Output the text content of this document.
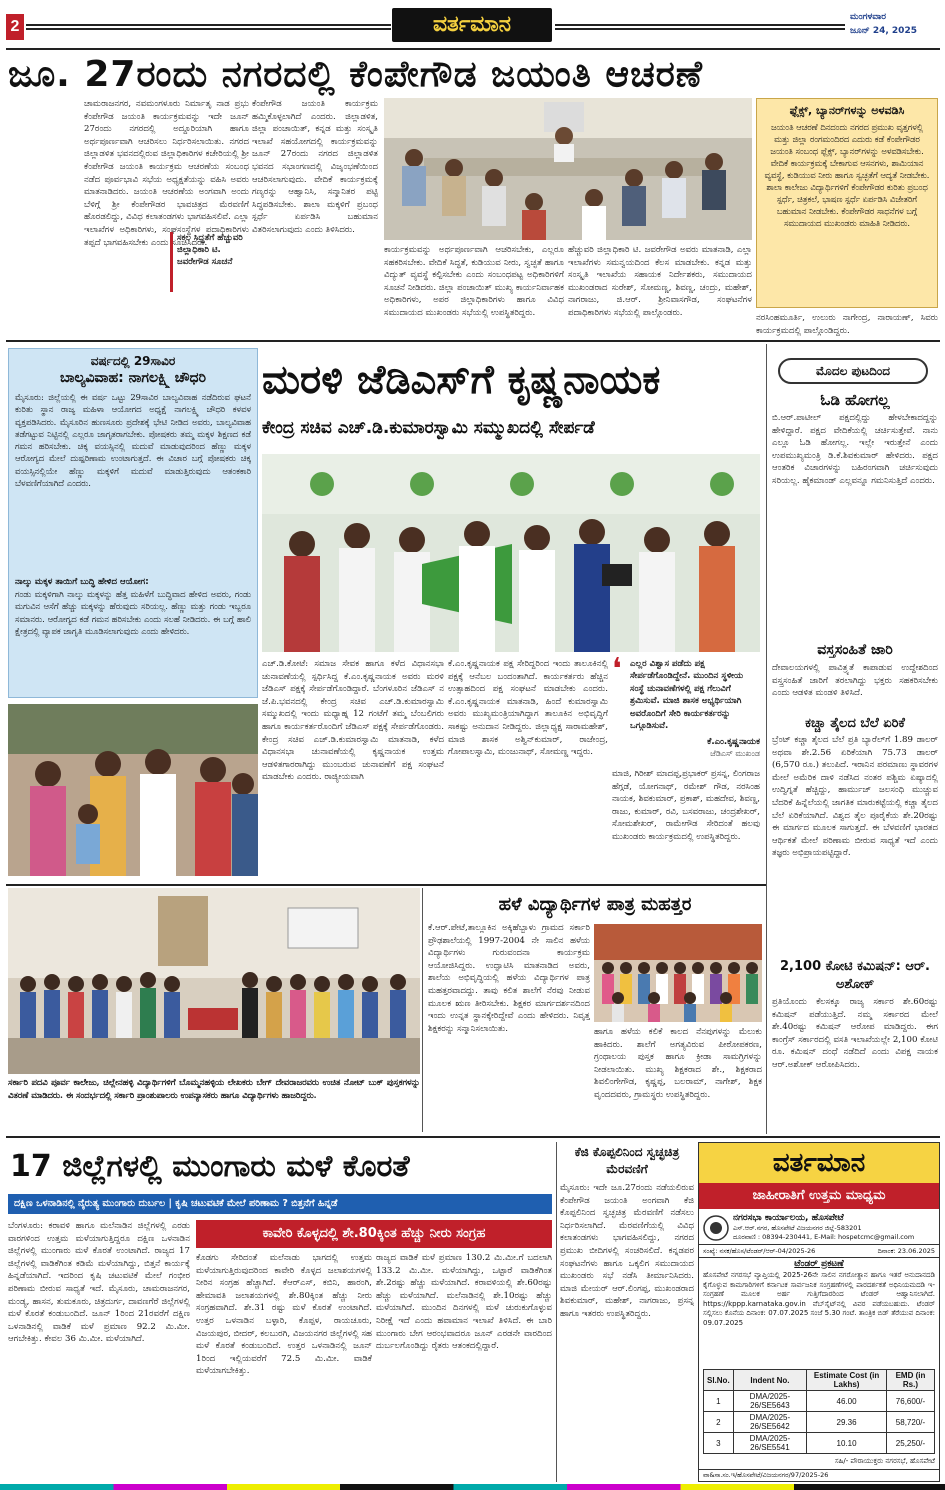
2	ವರ್ತಮಾನ	ಮಂಗಳವಾರ
ಜೂನ್ 24, 2025
ಜೂ. 27ರಂದು ನಗರದಲ್ಲಿ ಕೆಂಪೇಗೌಡ ಜಯಂತಿ ಆಚರಣೆ
ಚಾಮರಾಜನಗರ, ನವಮಂಗಳೂರು ನಿರ್ಮಾತೃ ನಾಡ ಪ್ರಭು ಕೆಂಪೇಗೌಡ ಜಯಂತಿ ಕಾರ್ಯಕ್ರಮವನ್ನು ಇದೇ ಜೂನ್ 27ರಂದು ನಗರದಲ್ಲಿ ಅದ್ದೂರಿಯಾಗಿ ಹಾಗೂ ಅರ್ಥಪೂರ್ಣವಾಗಿ ಆಚರಿಸಲು ನಿರ್ಧರಿಸಲಾಯಿತು. ನಗರದ ಜಿಲ್ಲಾಡಳಿತ ಭವನದಲ್ಲಿರುವ ಜಿಲ್ಲಾಧಿಕಾರಿಗಳ ಕಚೇರಿಯಲ್ಲಿ ಶ್ರೀ ಕೆಂಪೇಗೌಡ ಜಯಂತಿ ಕಾರ್ಯಕ್ರಮ ಆಚರಣೆಯ ಸಂಬಂಧ ನಡೆದ ಪೂರ್ವಭಾವಿ ಸಭೆಯ ಅಧ್ಯಕ್ಷತೆಯನ್ನು ವಹಿಸಿ ಅವರು ಮಾತನಾಡಿದರು. ಜಯಂತಿ ಆಚರಣೆಯ ಅಂಗವಾಗಿ ಅಂದು ಬೆಳಿಗ್ಗೆ ಶ್ರೀ ಕೆಂಪೇಗೌಡರ ಭಾವಚಿತ್ರದ ಮೆರವಣಿಗೆ ಹೊರಡಲಿದ್ದು, ವಿವಿಧ ಕಲಾತಂಡಗಳು ಭಾಗವಹಿಸಲಿವೆ. ಎಲ್ಲಾ ಇಲಾಖೆಗಳ ಅಧಿಕಾರಿಗಳು, ಸಂಘಸಂಸ್ಥೆಗಳ ಪದಾಧಿಕಾರಿಗಳು ತಪ್ಪದೆ ಭಾಗವಹಿಸಬೇಕು ಎಂದು ಸೂಚಿಸಿದರು.
ಕೆಂಪೇಗೌಡ ಜಯಂತಿ ಕಾರ್ಯಕ್ರಮ ಹಮ್ಮಿಕೊಳ್ಳಲಾಗಿದೆ ಎಂದರು. ಜಿಲ್ಲಾಡಳಿತ, ಜಿಲ್ಲಾ ಪಂಚಾಯಿತ್, ಕನ್ನಡ ಮತ್ತು ಸಂಸ್ಕೃತಿ ಇಲಾಖೆ ಸಹಯೋಗದಲ್ಲಿ ಕಾರ್ಯಕ್ರಮವನ್ನು ಜೂನ್ 27ರಂದು ನಗರದ ಜಿಲ್ಲಾಡಳಿತ ಭವನದ ಸಭಾಂಗಣದಲ್ಲಿ ವಿಜೃಂಭಣೆಯಿಂದ ಆಚರಿಸಲಾಗುವುದು. ವೇದಿಕೆ ಕಾರ್ಯಕ್ರಮಕ್ಕೆ ಗಣ್ಯರನ್ನು ಆಹ್ವಾನಿಸಿ, ಸನ್ಮಾನಿತರ ಪಟ್ಟಿ ಸಿದ್ಧಪಡಿಸಬೇಕು. ಶಾಲಾ ಮಕ್ಕಳಿಗೆ ಪ್ರಬಂಧ ಸ್ಪರ್ಧೆ ಏರ್ಪಡಿಸಿ ಬಹುಮಾನ ವಿತರಿಸಲಾಗುವುದು ಎಂದು ತಿಳಿಸಿದರು.
ಕಾರ್ಯಕ್ರಮವನ್ನು ಅರ್ಥಪೂರ್ಣವಾಗಿ ಆಚರಿಸಬೇಕು, ಎಲ್ಲರೂ ಸಹಕರಿಸಬೇಕು. ವೇದಿಕೆ ಸಿದ್ಧತೆ, ಕುಡಿಯುವ ನೀರು, ಸ್ವಚ್ಛತೆ ಹಾಗೂ ವಿದ್ಯುತ್ ವ್ಯವಸ್ಥೆ ಕಲ್ಪಿಸಬೇಕು ಎಂದು ಸಂಬಂಧಪಟ್ಟ ಅಧಿಕಾರಿಗಳಿಗೆ ಸೂಚನೆ ನೀಡಿದರು. ಜಿಲ್ಲಾ ಪಂಚಾಯಿತ್ ಮುಖ್ಯ ಕಾರ್ಯನಿರ್ವಾಹಕ ಅಧಿಕಾರಿಗಳು, ಅಪರ ಜಿಲ್ಲಾಧಿಕಾರಿಗಳು ಹಾಗೂ ವಿವಿಧ ಸಮುದಾಯದ ಮುಖಂಡರು ಸಭೆಯಲ್ಲಿ ಉಪಸ್ಥಿತರಿದ್ದರು.
ಹೆಚ್ಚುವರಿ ಜಿಲ್ಲಾಧಿಕಾರಿ ಟಿ. ಜವರೇಗೌಡ ಅವರು ಮಾತನಾಡಿ, ಎಲ್ಲಾ ಇಲಾಖೆಗಳು ಸಮನ್ವಯದಿಂದ ಕೆಲಸ ಮಾಡಬೇಕು. ಕನ್ನಡ ಮತ್ತು ಸಂಸ್ಕೃತಿ ಇಲಾಖೆಯ ಸಹಾಯಕ ನಿರ್ದೇಶಕರು, ಸಮುದಾಯದ ಮುಖಂಡರಾದ ಸುರೇಶ್, ಸೋಮಣ್ಣ, ಶಿವಣ್ಣ, ಚಂದ್ರು, ಮಹೇಶ್, ನಾಗರಾಜು, ಜಿ.ಆರ್. ಶ್ರೀನಿವಾಸಗೌಡ, ಸಂಘಟನೆಗಳ ಪದಾಧಿಕಾರಿಗಳು ಸಭೆಯಲ್ಲಿ ಪಾಲ್ಗೊಂಡರು.
ಸಕಲ ಸಿದ್ಧತೆಗೆ ಹೆಚ್ಚುವರಿ ಜಿಲ್ಲಾಧಿಕಾರಿ ಟಿ. ಜವರೇಗೌಡ ಸೂಚನೆ
ಫ್ಲೆಕ್ಸ್, ಬ್ಯಾನರ್‌ಗಳನ್ನು ಅಳವಡಿಸಿ
ಜಯಂತಿ ಆಚರಣೆ ದಿನದಂದು ನಗರದ ಪ್ರಮುಖ ವೃತ್ತಗಳಲ್ಲಿ ಮತ್ತು ಜಿಲ್ಲಾ ರಂಗಮಂದಿರದ ಎದುರು ಕಡೆ ಕೆಂಪೇಗೌಡರ ಜಯಂತಿ ಸಂಬಂಧ ಫ್ಲೆಕ್ಸ್, ಬ್ಯಾನರ್‌ಗಳನ್ನು ಅಳವಡಿಸಬೇಕು. ವೇದಿಕೆ ಕಾರ್ಯಕ್ರಮಕ್ಕೆ ಬೇಕಾಗುವ ಆಸನಗಳು, ಶಾಮಿಯಾನ ವ್ಯವಸ್ಥೆ, ಕುಡಿಯುವ ನೀರು ಹಾಗೂ ಸ್ವಚ್ಛತೆಗೆ ಆದ್ಯತೆ ನೀಡಬೇಕು. ಶಾಲಾ ಕಾಲೇಜು ವಿದ್ಯಾರ್ಥಿಗಳಿಗೆ ಕೆಂಪೇಗೌಡರ ಕುರಿತು ಪ್ರಬಂಧ ಸ್ಪರ್ಧೆ, ಚಿತ್ರಕಲೆ, ಭಾಷಣ ಸ್ಪರ್ಧೆ ಏರ್ಪಡಿಸಿ ವಿಜೇತರಿಗೆ ಬಹುಮಾನ ನೀಡಬೇಕು. ಕೆಂಪೇಗೌಡರ ಸಾಧನೆಗಳ ಬಗ್ಗೆ ಸಮುದಾಯದ ಮುಖಂಡರು ಮಾಹಿತಿ ನೀಡಿದರು.
ನರಸಿಂಹಮೂರ್ತಿ, ಉಲುರು ನಾಗೇಂದ್ರ, ನಾರಾಯಣ್, ಸಿವರು ಕಾರ್ಯಕ್ರಮದಲ್ಲಿ ಪಾಲ್ಗೊಂಡಿದ್ದರು.
ವರ್ಷದಲ್ಲಿ 29ಸಾವಿರ
ಬಾಲ್ಯವಿವಾಹ: ನಾಗಲಕ್ಷ್ಮಿ ಚೌಧರಿ
ಮೈಸೂರು: ಜಿಲ್ಲೆಯಲ್ಲಿ ಈ ವರ್ಷ ಒಟ್ಟು 29ಸಾವಿರ ಬಾಲ್ಯವಿವಾಹ ನಡೆದಿರುವ ಘಟನೆ ಕುರಿತು ಸ್ಥಾನ ರಾಜ್ಯ ಮಹಿಳಾ ಆಯೋಗದ ಅಧ್ಯಕ್ಷೆ ನಾಗಲಕ್ಷ್ಮಿ ಚೌಧರಿ ಕಳವಳ ವ್ಯಕ್ತಪಡಿಸಿದರು. ಮೈಸೂರಿನ ಹುಣಸೂರು ಪ್ರದೇಶಕ್ಕೆ ಭೇಟಿ ನೀಡಿದ ಅವರು, ಬಾಲ್ಯವಿವಾಹ ತಡೆಗಟ್ಟುವ ನಿಟ್ಟಿನಲ್ಲಿ ಎಲ್ಲರೂ ಜಾಗೃತರಾಗಬೇಕು. ಪೋಷಕರು ತಮ್ಮ ಮಕ್ಕಳ ಶಿಕ್ಷಣದ ಕಡೆ ಗಮನ ಹರಿಸಬೇಕು. ಚಿಕ್ಕ ವಯಸ್ಸಿನಲ್ಲಿ ಮದುವೆ ಮಾಡುವುದರಿಂದ ಹೆಣ್ಣು ಮಕ್ಕಳ ಆರೋಗ್ಯದ ಮೇಲೆ ದುಷ್ಪರಿಣಾಮ ಉಂಟಾಗುತ್ತದೆ. ಈ ವಿಚಾರ ಬಗ್ಗೆ ಪೋಷಕರು ಚಿಕ್ಕ ವಯಸ್ಸಿನಲ್ಲಿಯೇ ಹೆಣ್ಣು ಮಕ್ಕಳಿಗೆ ಮದುವೆ ಮಾಡುತ್ತಿರುವುದು ಆತಂಕಕಾರಿ ಬೆಳವಣಿಗೆಯಾಗಿದೆ ಎಂದರು.
ನಾಲ್ಕು ಮಕ್ಕಳ ತಾಯಿಗೆ ಬುದ್ಧಿ ಹೇಳಿದ ಆಯೋಗ:
ಗಂಡು ಮಕ್ಕಳಿಗಾಗಿ ನಾಲ್ಕು ಮಕ್ಕಳನ್ನು ಹೆತ್ತ ಮಹಿಳೆಗೆ ಬುದ್ಧಿವಾದ ಹೇಳಿದ ಅವರು, ಗಂಡು ಮಗುವಿನ ಆಸೆಗೆ ಹೆಚ್ಚು ಮಕ್ಕಳನ್ನು ಹೆರುವುದು ಸರಿಯಲ್ಲ. ಹೆಣ್ಣು ಮತ್ತು ಗಂಡು ಇಬ್ಬರೂ ಸಮಾನರು. ಆರೋಗ್ಯದ ಕಡೆ ಗಮನ ಹರಿಸಬೇಕು ಎಂದು ಸಲಹೆ ನೀಡಿದರು. ಈ ಬಗ್ಗೆ ಹಾಲಿ ಕ್ಷೇತ್ರದಲ್ಲಿ ವ್ಯಾಪಕ ಜಾಗೃತಿ ಮೂಡಿಸಲಾಗುವುದು ಎಂದು ಹೇಳಿದರು.
ಮರಳಿ ಜೆಡಿಎಸ್‌ಗೆ ಕೃಷ್ಣನಾಯಕ
ಕೇಂದ್ರ ಸಚಿವ ಎಚ್.ಡಿ.ಕುಮಾರಸ್ವಾಮಿ ಸಮ್ಮುಖದಲ್ಲಿ ಸೇರ್ಪಡೆ
ಎಚ್.ಡಿ.ಕೋಟೆ: ಸಮಾಜ ಸೇವಕ ಹಾಗೂ ಕಳೆದ ವಿಧಾನಸಭಾ ಚುನಾವಣೆಯಲ್ಲಿ ಸ್ಪರ್ಧಿಸಿದ್ದ ಕೆ.ಎಂ.ಕೃಷ್ಣನಾಯಕ ಅವರು ಮರಳಿ ಜೆಡಿಎಸ್ ಪಕ್ಷಕ್ಕೆ ಸೇರ್ಪಡೆಗೊಂಡಿದ್ದಾರೆ. ಬೆಂಗಳೂರಿನ ಜೆಡಿಎಸ್ ನ ಜೆ.ಪಿ.ಭವನದಲ್ಲಿ ಕೇಂದ್ರ ಸಚಿವ ಎಚ್.ಡಿ.ಕುಮಾರಸ್ವಾಮಿ ಸಮ್ಮುಖದಲ್ಲಿ ಇಂದು ಮಧ್ಯಾಹ್ನ 12 ಗಂಟೆಗೆ ತಮ್ಮ ಬೆಂಬಲಿಗರು ಹಾಗೂ ಕಾರ್ಯಕರ್ತರೊಂದಿಗೆ ಜೆಡಿಎಸ್ ಪಕ್ಷಕ್ಕೆ ಸೇರ್ಪಡೆಗೊಂಡರು. ಕೇಂದ್ರ ಸಚಿವ ಎಚ್.ಡಿ.ಕುಮಾರಸ್ವಾಮಿ ಮಾತನಾಡಿ, ಕಳೆದ ವಿಧಾನಸಭಾ ಚುನಾವಣೆಯಲ್ಲಿ ಕೃಷ್ಣನಾಯಕ ಉತ್ತಮ ಆಡಳಿತಗಾರರಾಗಿದ್ದು ಮುಂಬರುವ ಚುನಾವಣೆಗೆ ಪಕ್ಷ ಸಂಘಟನೆ ಮಾಡಬೇಕು ಎಂದರು. ರಾಜ್ಯೀಯವಾಗಿ
ಕೆ.ಎಂ.ಕೃಷ್ಣನಾಯಕ ಪಕ್ಷ ಸೇರಿದ್ದರಿಂದ ಇಂದು ತಾಲೂಕಿನಲ್ಲಿ ಪಕ್ಷಕ್ಕೆ ಆನೆಬಲ ಬಂದಂತಾಗಿದೆ. ಕಾರ್ಯಕರ್ತರು ಹೆಚ್ಚಿನ ಉತ್ಸಾಹದಿಂದ ಪಕ್ಷ ಸಂಘಟನೆ ಮಾಡಬೇಕು ಎಂದರು. ಕೆ.ಎಂ.ಕೃಷ್ಣನಾಯಕ ಮಾತನಾಡಿ, ಹಿಂದೆ ಕುಮಾರಸ್ವಾಮಿ ಅವರು ಮುಖ್ಯಮಂತ್ರಿಯಾಗಿದ್ದಾಗ ತಾಲೂಕಿನ ಅಭಿವೃದ್ಧಿಗೆ ಸಾಕಷ್ಟು ಅನುದಾನ ನೀಡಿದ್ದರು. ಜಿಲ್ಲಾಧ್ಯಕ್ಷ ಸಾರಾಮಹೇಶ್, ಮಾಜಿ ಶಾಸಕ ಅಶ್ವಿನ್‌ಕುಮಾರ್, ರಾಜೇಂದ್ರ, ಗೋಪಾಲಸ್ವಾಮಿ, ಮಂಜುನಾಥ್, ಸೋಮಣ್ಣ ಇದ್ದರು.
❛ ಎಲ್ಲರ ವಿಶ್ವಾಸ ಪಡೆದು ಪಕ್ಷ ಸೇರ್ಪಡೆಗೊಂಡಿದ್ದೇನೆ. ಮುಂದಿನ ಸ್ಥಳೀಯ ಸಂಸ್ಥೆ ಚುನಾವಣೆಗಳಲ್ಲಿ ಪಕ್ಷ ಗೆಲುವಿಗೆ ಶ್ರಮಿಸುವೆ. ಮಾಜಿ ಶಾಸಕ ಅಭ್ಯರ್ಥಿಯಾಗಿ ಅವರೊಂದಿಗೆ ಸೇರಿ ಕಾರ್ಯಕರ್ತರನ್ನು ಒಗ್ಗೂಡಿಸುವೆ.
ಕೆ.ಎಂ.ಕೃಷ್ಣನಾಯಕ
ಜೆಡಿಎಸ್ ಮುಖಂಡ
ಮಾಜಿ, ಗಿರೀಶ್ ಮಾದಪ್ಪ,ಪ್ರಭಾಕರ್ ಪ್ರಸನ್ನ, ಲಿಂಗರಾಜ ಹೆಗ್ಗಡೆ, ಯೋಗನಾಥ್, ರಮೇಶ್ ಗೌಡ, ನರಸಿಂಹ ನಾಯಕ, ಶಿವಕುಮಾರ್, ಪ್ರಕಾಶ್, ಮಹದೇವ, ಶಿವಣ್ಣ, ರಾಜು, ಕುಮಾರ್, ರವಿ, ಬಸವರಾಜು, ಚಂದ್ರಶೇಖರ್, ಸೋಮಶೇಖರ್, ರಾಮೇಗೌಡ ಸೇರಿದಂತೆ ಹಲವು ಮುಖಂಡರು ಕಾರ್ಯಕ್ರಮದಲ್ಲಿ ಉಪಸ್ಥಿತರಿದ್ದರು.
ಮೊದಲ ಪುಟದಿಂದ
ಓಡಿ ಹೋಗಲ್ಲ
ಬಿ.ಆರ್.ಪಾಟೀಲ್ ಪಕ್ಷದಲ್ಲಿದ್ದು ಹೇಳಬೇಕಾದದ್ದನ್ನು ಹೇಳಿದ್ದಾರೆ. ಪಕ್ಷದ ವೇದಿಕೆಯಲ್ಲಿ ಚರ್ಚಿಸುತ್ತೇವೆ. ನಾನು ಎಲ್ಲೂ ಓಡಿ ಹೋಗಲ್ಲ. ಇಲ್ಲೇ ಇರುತ್ತೇನೆ ಎಂದು ಉಪಮುಖ್ಯಮಂತ್ರಿ ಡಿ.ಕೆ.ಶಿವಕುಮಾರ್ ಹೇಳಿದರು. ಪಕ್ಷದ ಆಂತರಿಕ ವಿಚಾರಗಳನ್ನು ಬಹಿರಂಗವಾಗಿ ಚರ್ಚಿಸುವುದು ಸರಿಯಲ್ಲ. ಹೈಕಮಾಂಡ್ ಎಲ್ಲವನ್ನೂ ಗಮನಿಸುತ್ತಿದೆ ಎಂದರು.
ವಸ್ತಸಂಹಿತೆ ಜಾರಿ
ದೇವಾಲಯಗಳಲ್ಲಿ ಪಾವಿತ್ರ್ಯತೆ ಕಾಪಾಡುವ ಉದ್ದೇಶದಿಂದ ವಸ್ತ್ರಸಂಹಿತೆ ಜಾರಿಗೆ ತರಲಾಗಿದ್ದು ಭಕ್ತರು ಸಹಕರಿಸಬೇಕು ಎಂದು ಆಡಳಿತ ಮಂಡಳಿ ತಿಳಿಸಿದೆ.
ಕಚ್ಚಾ ತೈಲದ ಬೆಲೆ ಏರಿಕೆ
ಬ್ರೆಂಟ್ ಕಚ್ಚಾ ತೈಲದ ಬೆಲೆ ಪ್ರತಿ ಬ್ಯಾರೆಲ್‌ಗೆ 1.89 ಡಾಲರ್ ಅಥವಾ ಶೇ.2.56 ಏರಿಕೆಯಾಗಿ 75.73 ಡಾಲರ್ (6,570 ರೂ.) ತಲುಪಿದೆ. ಇರಾನಿನ ಪರಮಾಣು ಸ್ಥಾವರಗಳ ಮೇಲೆ ಅಮೆರಿಕ ದಾಳಿ ನಡೆಸಿದ ನಂತರ ಪಶ್ಚಿಮ ಏಷ್ಯಾದಲ್ಲಿ ಉದ್ವಿಗ್ನತೆ ಹೆಚ್ಚಿದ್ದು, ಹಾರ್ಮುಜ್ ಜಲಸಂಧಿ ಮುಚ್ಚುವ ಬೆದರಿಕೆ ಹಿನ್ನೆಲೆಯಲ್ಲಿ ಜಾಗತಿಕ ಮಾರುಕಟ್ಟೆಯಲ್ಲಿ ಕಚ್ಚಾ ತೈಲದ ಬೆಲೆ ಏರಿಕೆಯಾಗಿದೆ. ವಿಶ್ವದ ತೈಲ ಪೂರೈಕೆಯ ಶೇ.20ರಷ್ಟು ಈ ಮಾರ್ಗದ ಮೂಲಕ ಸಾಗುತ್ತದೆ. ಈ ಬೆಳವಣಿಗೆ ಭಾರತದ ಆರ್ಥಿಕತೆ ಮೇಲೆ ಪರಿಣಾಮ ಬೀರುವ ಸಾಧ್ಯತೆ ಇದೆ ಎಂದು ತಜ್ಞರು ಅಭಿಪ್ರಾಯಪಟ್ಟಿದ್ದಾರೆ.
2,100 ಕೋಟಿ ಕಮಿಷನ್: ಆರ್. ಅಶೋಕ್
ಪ್ರತಿಯೊಂದು ಕೆಲಸಕ್ಕೂ ರಾಜ್ಯ ಸರ್ಕಾರ ಶೇ.60ರಷ್ಟು ಕಮಿಷನ್ ಪಡೆಯುತ್ತಿದೆ. ನಮ್ಮ ಸರ್ಕಾರದ ಮೇಲೆ ಶೇ.40ರಷ್ಟು ಕಮಿಷನ್ ಆರೋಪ ಮಾಡಿದ್ದರು. ಈಗ ಕಾಂಗ್ರೆಸ್ ಸರ್ಕಾರದಲ್ಲಿ ವಸತಿ ಇಲಾಖೆಯಲ್ಲೇ 2,100 ಕೋಟಿ ರೂ. ಕಮಿಷನ್ ದಂಧೆ ನಡೆದಿದೆ ಎಂದು ವಿಪಕ್ಷ ನಾಯಕ ಆರ್.ಅಶೋಕ್ ಆರೋಪಿಸಿದರು.
ಸರ್ಕಾರಿ ಪದವಿ ಪೂರ್ವ ಕಾಲೇಜು, ಚಿಲ್ಲೇನಹಳ್ಳಿ ವಿದ್ಯಾರ್ಥಿಗಳಿಗೆ ಬೊಮ್ಮನಹಳ್ಳಿಯ ಲೇಖಕರು ಬೇಗ್ ದೇವರಾಜರವರು ಉಚಿತ ನೋಟ್ ಬುಕ್ ಪುಸ್ತಕಗಳನ್ನು ವಿತರಣೆ ಮಾಡಿದರು. ಈ ಸಂದರ್ಭದಲ್ಲಿ ಸರ್ಕಾರಿ ಪ್ರಾಂಶುಪಾಲರು ಉಪನ್ಯಾಸಕರು ಹಾಗೂ ವಿದ್ಯಾರ್ಥಿಗಳು ಹಾಜರಿದ್ದರು.
ಹಳೆ ವಿದ್ಯಾರ್ಥಿಗಳ ಪಾತ್ರ ಮಹತ್ತರ
ಕೆ.ಆರ್.ಪೇಟೆ,ತಾಲ್ಲೂಕಿನ ಅಕ್ಕಿಹೆಬ್ಬಾಳು ಗ್ರಾಮದ ಸರ್ಕಾರಿ ಪ್ರೌಢಶಾಲೆಯಲ್ಲಿ 1997-2004 ನೇ ಸಾಲಿನ ಹಳೆಯ ವಿದ್ಯಾರ್ಥಿಗಳು ಗುರುವಂದನಾ ಕಾರ್ಯಕ್ರಮ ಆಯೋಜಿಸಿದ್ದರು. ಉದ್ಘಾಟಿಸಿ ಮಾತನಾಡಿದ ಅವರು, ಶಾಲೆಯ ಅಭಿವೃದ್ಧಿಯಲ್ಲಿ ಹಳೆಯ ವಿದ್ಯಾರ್ಥಿಗಳ ಪಾತ್ರ ಮಹತ್ತರವಾದದ್ದು. ತಾವು ಕಲಿತ ಶಾಲೆಗೆ ನೆರವು ನೀಡುವ ಮೂಲಕ ಋಣ ತೀರಿಸಬೇಕು. ಶಿಕ್ಷಕರ ಮಾರ್ಗದರ್ಶನದಿಂದ ಇಂದು ಉನ್ನತ ಸ್ಥಾನಕ್ಕೇರಿದ್ದೇವೆ ಎಂದು ಹೇಳಿದರು. ನಿವೃತ್ತ ಶಿಕ್ಷಕರನ್ನು ಸನ್ಮಾನಿಸಲಾಯಿತು.	ಹಾಗೂ ಹಳೆಯ ಕಲಿಕೆ ಕಾಲದ ನೆನಪುಗಳನ್ನು ಮೆಲುಕು ಹಾಕಿದರು. ಶಾಲೆಗೆ ಅಗತ್ಯವಿರುವ ಪೀಠೋಪಕರಣ, ಗ್ರಂಥಾಲಯ ಪುಸ್ತಕ ಹಾಗೂ ಕ್ರೀಡಾ ಸಾಮಗ್ರಿಗಳನ್ನು ನೀಡಲಾಯಿತು. ಮುಖ್ಯ ಶಿಕ್ಷಕರಾದ ಶೇ., ಶಿಕ್ಷಕರಾದ ಶಿವಲಿಂಗೇಗೌಡ, ಕೃಷ್ಣಪ್ಪ, ಬಲರಾಮ್, ನಾಗೇಶ್, ಶಿಕ್ಷಕ ವೃಂದದವರು, ಗ್ರಾಮಸ್ಥರು ಉಪಸ್ಥಿತರಿದ್ದರು.
17 ಜಿಲ್ಲೆಗಳಲ್ಲಿ ಮುಂಗಾರು ಮಳೆ ಕೊರತೆ
ದಕ್ಷಿಣ ಒಳನಾಡಿನಲ್ಲಿ ನೈರುತ್ಯ ಮುಂಗಾರು ದುರ್ಬಲ | ಕೃಷಿ ಚಟುವಟಿಕೆ ಮೇಲೆ ಪರಿಣಾಮ ? ಬಿತ್ತನೆಗೆ ಹಿನ್ನಡೆ
ಬೆಂಗಳೂರು: ಕರಾವಳಿ ಹಾಗೂ ಮಲೆನಾಡಿನ ಜಿಲ್ಲೆಗಳಲ್ಲಿ ಎರಡು ವಾರಗಳಿಂದ ಉತ್ತಮ ಮಳೆಯಾಗುತ್ತಿದ್ದರೂ ದಕ್ಷಿಣ ಒಳನಾಡಿನ ಜಿಲ್ಲೆಗಳಲ್ಲಿ ಮುಂಗಾರು ಮಳೆ ಕೊರತೆ ಉಂಟಾಗಿದೆ. ರಾಜ್ಯದ 17 ಜಿಲ್ಲೆಗಳಲ್ಲಿ ವಾಡಿಕೆಗಿಂತ ಕಡಿಮೆ ಮಳೆಯಾಗಿದ್ದು, ಬಿತ್ತನೆ ಕಾರ್ಯಕ್ಕೆ ಹಿನ್ನಡೆಯಾಗಿದೆ. ಇದರಿಂದ ಕೃಷಿ ಚಟುವಟಿಕೆ ಮೇಲೆ ಗಂಭೀರ ಪರಿಣಾಮ ಬೀರುವ ಸಾಧ್ಯತೆ ಇದೆ. ಮೈಸೂರು, ಚಾಮರಾಜನಗರ, ಮಂಡ್ಯ, ಹಾಸನ, ತುಮಕೂರು, ಚಿತ್ರದುರ್ಗ, ದಾವಣಗೆರೆ ಜಿಲ್ಲೆಗಳಲ್ಲಿ ಮಳೆ ಕೊರತೆ ಕಂಡುಬಂದಿದೆ. ಜೂನ್ 1ರಿಂದ 21ರವರೆಗೆ ದಕ್ಷಿಣ ಒಳನಾಡಿನಲ್ಲಿ ವಾಡಿಕೆ ಮಳೆ ಪ್ರಮಾಣ 92.2 ಮಿ.ಮೀ. ಆಗಬೇಕಿತ್ತು. ಕೇವಲ 36 ಮಿ.ಮೀ. ಮಳೆಯಾಗಿದೆ.
ಕಾವೇರಿ ಕೊಳ್ಳದಲ್ಲಿ ಶೇ.80ಕ್ಕಿಂತ ಹೆಚ್ಚು ನೀರು ಸಂಗ್ರಹ
ಕೊಡಗು ಸೇರಿದಂತೆ ಮಲೆನಾಡು ಭಾಗದಲ್ಲಿ ಉತ್ತಮ ಮಳೆಯಾಗುತ್ತಿರುವುದರಿಂದ ಕಾವೇರಿ ಕೊಳ್ಳದ ಜಲಾಶಯಗಳಲ್ಲಿ ನೀರಿನ ಸಂಗ್ರಹ ಹೆಚ್ಚಾಗಿದೆ. ಕೆಆರ್‌ಎಸ್, ಕಬಿನಿ, ಹಾರಂಗಿ, ಹೇಮಾವತಿ ಜಲಾಶಯಗಳಲ್ಲಿ ಶೇ.80ಕ್ಕಿಂತ ಹೆಚ್ಚು ನೀರು ಸಂಗ್ರಹವಾಗಿದೆ. ಶೇ.31 ರಷ್ಟು ಮಳೆ ಕೊರತೆ ಉಂಟಾಗಿದೆ. ಉತ್ತರ ಒಳನಾಡಿನ ಬಳ್ಳಾರಿ, ಕೊಪ್ಪಳ, ರಾಯಚೂರು, ವಿಜಯಪುರ, ಬೀದರ್, ಕಲಬುರಗಿ, ವಿಜಯನಗರ ಜಿಲ್ಲೆಗಳಲ್ಲಿ ಸಹ ಮಳೆ ಕೊರತೆ ಕಂಡುಬಂದಿದೆ. ಉತ್ತರ ಒಳನಾಡಿನಲ್ಲಿ ಜೂನ್ 1ರಿಂದ ಇಲ್ಲಿಯವರೆಗೆ 72.5 ಮಿ.ಮೀ. ವಾಡಿಕೆ ಮಳೆಯಾಗಬೇಕಿತ್ತು.
ರಾಜ್ಯದ ವಾಡಿಕೆ ಮಳೆ ಪ್ರಮಾಣ 130.2 ಮಿ.ಮೀ.ಗೆ ಬದಲಾಗಿ 133.2 ಮಿ.ಮೀ. ಮಳೆಯಾಗಿದ್ದು, ಒಟ್ಟಾರೆ ವಾಡಿಕೆಗಿಂತ ಶೇ.2ರಷ್ಟು ಹೆಚ್ಚು ಮಳೆಯಾಗಿದೆ. ಕರಾವಳಿಯಲ್ಲಿ ಶೇ.60ರಷ್ಟು ಹೆಚ್ಚು ಮಳೆಯಾಗಿದೆ. ಮಲೆನಾಡಿನಲ್ಲಿ ಶೇ.10ರಷ್ಟು ಹೆಚ್ಚು ಮಳೆಯಾಗಿದೆ. ಮುಂದಿನ ದಿನಗಳಲ್ಲಿ ಮಳೆ ಚುರುಕುಗೊಳ್ಳುವ ನಿರೀಕ್ಷೆ ಇದೆ ಎಂದು ಹವಾಮಾನ ಇಲಾಖೆ ತಿಳಿಸಿದೆ. ಈ ಬಾರಿ ಮುಂಗಾರು ಬೇಗ ಆರಂಭವಾದರೂ ಜೂನ್ ಎರಡನೇ ವಾರದಿಂದ ದುರ್ಬಲಗೊಂಡಿದ್ದು ರೈತರು ಆತಂಕದಲ್ಲಿದ್ದಾರೆ.
ಕೆಜಿ ಕೊಪ್ಪಲಿನಿಂದ ಸ್ವಚ್ಛಚಿತ್ರ ಮೆರವಣಿಗೆ
ಮೈಸೂರು: ಇದೇ ಜೂ.27ರಂದು ನಡೆಯಲಿರುವ ಕೆಂಪೇಗೌಡ ಜಯಂತಿ ಅಂಗವಾಗಿ ಕೆಜಿ ಕೊಪ್ಪಲಿನಿಂದ ಸ್ವಚ್ಛಚಿತ್ರ ಮೆರವಣಿಗೆ ನಡೆಸಲು ನಿರ್ಧರಿಸಲಾಗಿದೆ. ಮೆರವಣಿಗೆಯಲ್ಲಿ ವಿವಿಧ ಕಲಾತಂಡಗಳು ಭಾಗವಹಿಸಲಿದ್ದು, ನಗರದ ಪ್ರಮುಖ ಬೀದಿಗಳಲ್ಲಿ ಸಂಚರಿಸಲಿದೆ. ಕನ್ನಡಪರ ಸಂಘಟನೆಗಳು ಹಾಗೂ ಒಕ್ಕಲಿಗ ಸಮುದಾಯದ ಮುಖಂಡರು ಸಭೆ ನಡೆಸಿ ತೀರ್ಮಾನಿಸಿದರು. ಮಾಜಿ ಮೇಯರ್ ಆರ್.ಲಿಂಗಪ್ಪ, ಮುಖಂಡರಾದ ಶಿವಕುಮಾರ್, ಮಹೇಶ್, ನಾಗರಾಜು, ಪ್ರಸನ್ನ ಹಾಗೂ ಇತರರು ಉಪಸ್ಥಿತರಿದ್ದರು.
ವರ್ತಮಾನ
ಜಾಹೀರಾತಿಗೆ ಉತ್ತಮ ಮಾಧ್ಯಮ
ನಗರಸಭಾ ಕಾರ್ಯಾಲಯ, ಹೊಸಪೇಟೆ
ಎಸ್.ಆರ್.ನಗರ, ಹೊಸಪೇಟೆ ವಿಜಯನಗರ ಜಿಲ್ಲೆ-583201
ದೂರವಾಣಿ : 08394-230441, E-Mail: hospetcmc@gmail.com
ಸಂಖ್ಯೆ: ನಸಕ/ಹೊಸ/ಟೆಂಡರ್/ಆರ್-04/2025-26	ದಿನಾಂಕ: 23.06.2025
ಟೆಂಡರ್ ಪ್ರಕಟಣೆ
ಹೊಸಪೇಟೆ ನಗರಸಭೆ ವ್ಯಾಪ್ತಿಯಲ್ಲಿ 2025-26ನೇ ಸಾಲಿನ ನಗರೋತ್ಥಾನ ಹಾಗೂ ಇತರೆ ಅನುದಾನದಡಿ ಕೈಗೊಳ್ಳುವ ಕಾಮಗಾರಿಗಳಿಗೆ ಕರ್ನಾಟಕ ಸಾರ್ವಜನಿಕ ಸಂಗ್ರಹಣೆಗಳಲ್ಲಿ ಪಾರದರ್ಶಕತೆ ಅಧಿನಿಯಮದಡಿ ಇ-ಸಂಗ್ರಹಣೆ ಮೂಲಕ ಅರ್ಹ ಗುತ್ತಿಗೆದಾರರಿಂದ ಟೆಂಡರ್ ಆಹ್ವಾನಿಸಲಾಗಿದೆ. https://kppp.karnataka.gov.in ವೆಬ್‌ಸೈಟ್‌ನಲ್ಲಿ ವಿವರ ಪಡೆಯಬಹುದು. ಟೆಂಡರ್ ಸಲ್ಲಿಸಲು ಕೊನೆಯ ದಿನಾಂಕ: 07.07.2025 ಸಂಜೆ 5.30 ಗಂಟೆ. ತಾಂತ್ರಿಕ ಬಿಡ್ ತೆರೆಯುವ ದಿನಾಂಕ: 09.07.2025
Sl.No.	Indent No.	Estimate Cost (in Lakhs)	EMD (in Rs.)
1	DMA/2025-26/SE5643	46.00	76,600/-
2	DMA/2025-26/SE5642	29.36	58,720/-
3	DMA/2025-26/SE5541	10.10	25,250/-
ಸಹಿ/- ಪೌರಾಯುಕ್ತರು ನಗರಸಭೆ, ಹೊಸಪೇಟೆ
ವಾ&ಸಾ.ಸಂ.ಇ/ಹೊಸಪೇಟೆ/ವಿಜಯನಗರ/97/2025-26
